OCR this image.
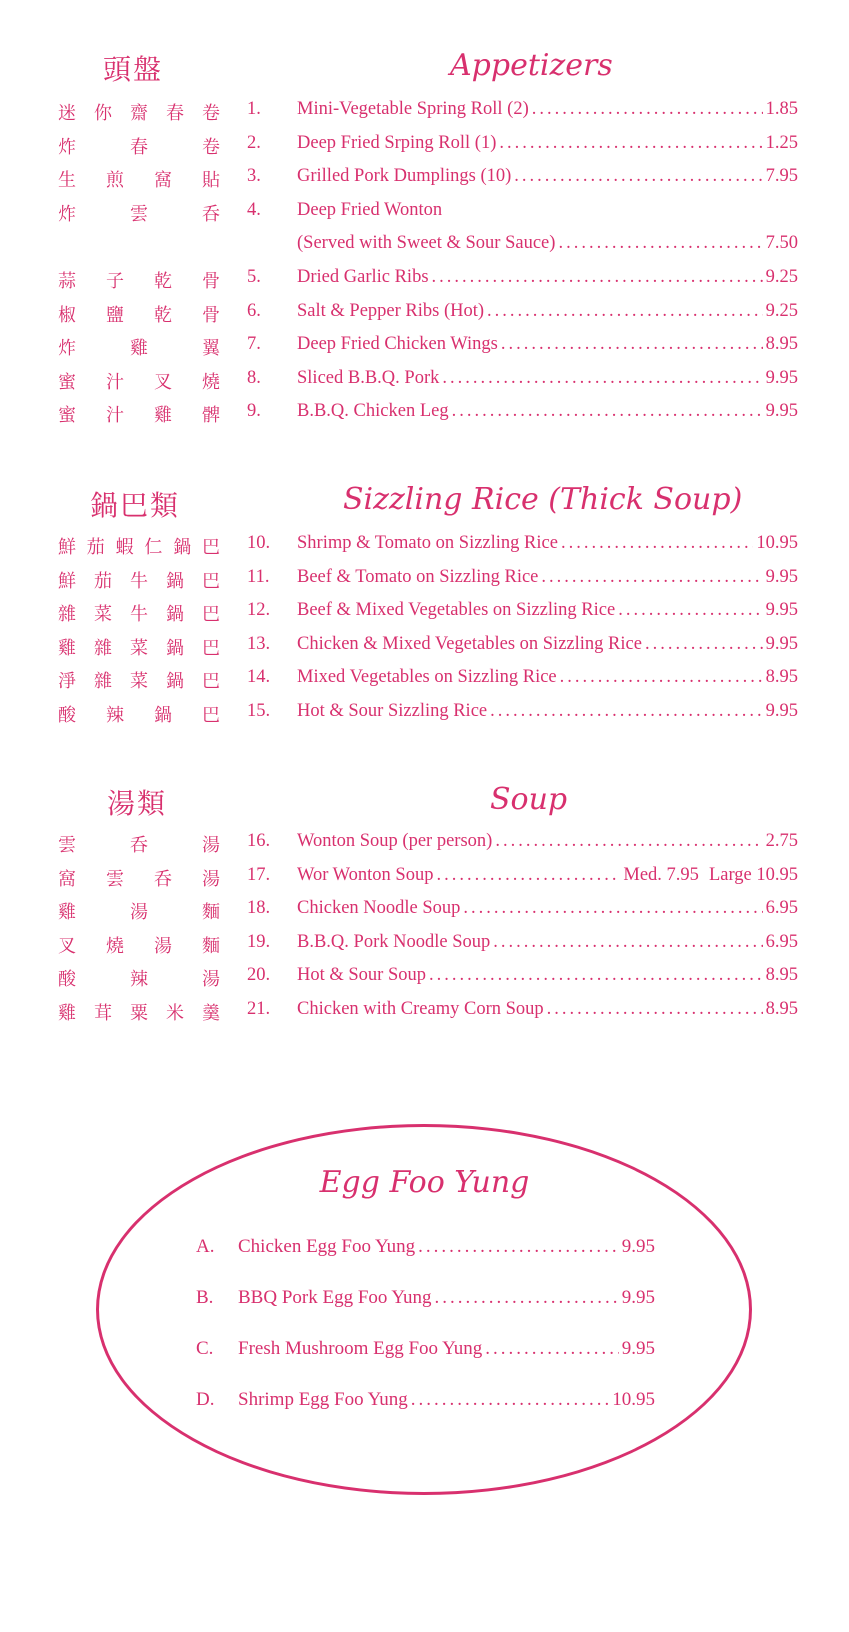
頭盤	Appetizers
迷 你 齋 春 卷 1. Mini-Vegetable Spring Roll (2) .....	1.85
炸	春	卷 2. Deep Fried Srping Roll (1) .....	1.25
生 煎 窩 貼 3. Grilled Pork Dumplings (10) .....	7.95
炸	雲	呑 4. Deep Fried Wonton
(Served with Sweet & Sour Sauce) .....	7.50
蒜 子 乾 骨 5. Dried Garlic Ribs .....	9.25
椒 鹽 乾 骨 6. Salt & Pepper Ribs (Hot) .....	9.25
炸	雞	翼 7. Deep Fried Chicken Wings .....	8.95
蜜 汁 叉 燒 8. Sliced B.B.Q. Pork .....	9.95
蜜 汁 雞 髀 9. B.B.Q. Chicken Leg .....	9.95
鍋巴類	Sizzling Rice (Thick Soup)
鮮 茄 蝦 仁 鍋 巴 10. Shrimp & Tomato on Sizzling Rice .....	10.95
鮮 茄 牛 鍋 巴 11. Beef & Tomato on Sizzling Rice .....	9.95
雜 菜 牛 鍋 巴 12. Beef & Mixed Vegetables on Sizzling Rice .....	9.95
雞 雜 菜 鍋 巴 13. Chicken & Mixed Vegetables on Sizzling Rice .....	9.95
淨 雜 菜 鍋 巴 14. Mixed Vegetables on Sizzling Rice .....	8.95
酸 辣 鍋 巴 15. Hot & Sour Sizzling Rice .....	9.95
湯類	Soup
雲	呑	湯 16. Wonton Soup (per person) .....	2.75
窩 雲 呑 湯 17. Wor Wonton Soup .....	Med. 7.95 Large 10.95
雞	湯	麵 18. Chicken Noodle Soup .....	6.95
叉 燒 湯 麵 19. B.B.Q. Pork Noodle Soup .....	6.95
酸	辣	湯 20. Hot & Sour Soup .....	8.95
雞 茸 粟 米 羹 21. Chicken with Creamy Corn Soup .....	8.95
Egg Foo Yung
A. Chicken Egg Foo Yung .....	9.95
B. BBQ Pork Egg Foo Yung .....	9.95
C. Fresh Mushroom Egg Foo Yung .....	9.95
D. Shrimp Egg Foo Yung .....	10.95
